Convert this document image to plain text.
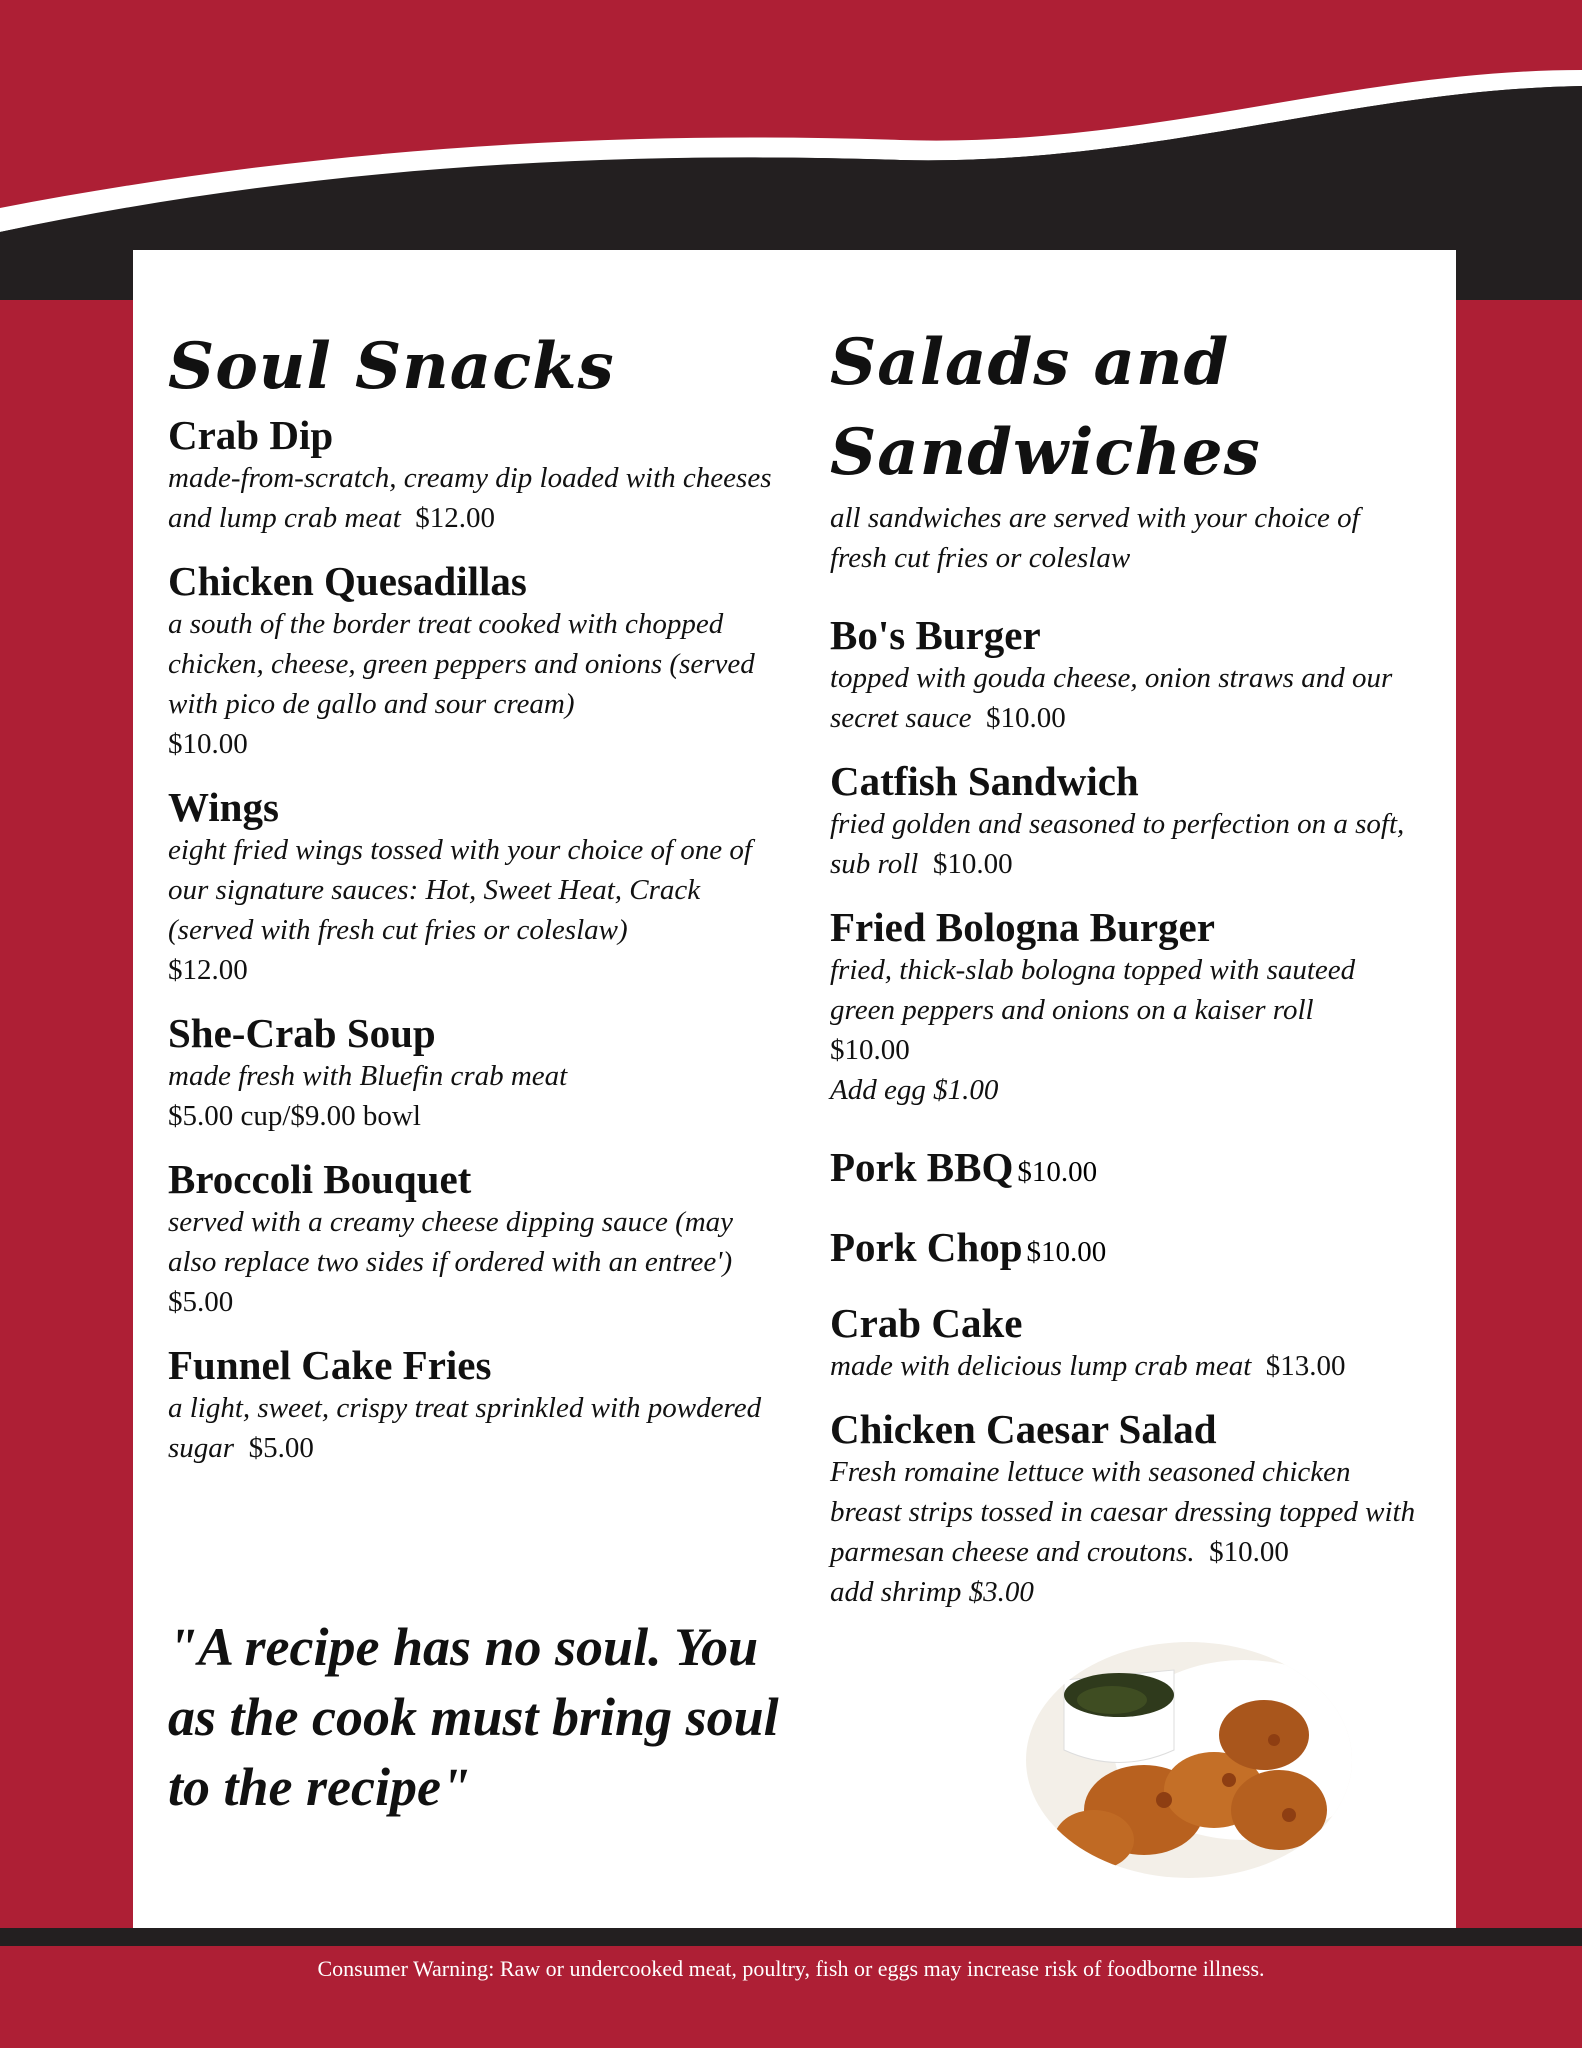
Soul Snacks
Crab Dip
made-from-scratch, creamy dip loaded with cheeses and lump crab meat $12.00
Chicken Quesadillas
a south of the border treat cooked with chopped chicken, cheese, green peppers and onions (served with pico de gallo and sour cream)
$10.00
Wings
eight fried wings tossed with your choice of one of our signature sauces: Hot, Sweet Heat, Crack (served with fresh cut fries or coleslaw)
$12.00
She-Crab Soup
made fresh with Bluefin crab meat
$5.00 cup/$9.00 bowl
Broccoli Bouquet
served with a creamy cheese dipping sauce (may also replace two sides if ordered with an entree')  $5.00
Funnel Cake Fries
a light, sweet, crispy treat sprinkled with powdered sugar $5.00
"A recipe has no soul. You as the cook must bring soul to the recipe"
Salads and
Sandwiches
all sandwiches are served with your choice of fresh cut fries or coleslaw
Bo's Burger
topped with gouda cheese, onion straws and our secret sauce $10.00
Catfish Sandwich
fried golden and seasoned to perfection on a soft, sub roll $10.00
Fried Bologna Burger
fried, thick-slab bologna topped with sauteed green peppers and onions on a kaiser roll
$10.00
Add egg $1.00
Pork BBQ $10.00
Pork Chop $10.00
Crab Cake
made with delicious lump crab meat $13.00
Chicken Caesar Salad
Fresh romaine lettuce with seasoned chicken breast strips tossed in caesar dressing topped with parmesan cheese and croutons. $10.00
add shrimp $3.00
Consumer Warning: Raw or undercooked meat, poultry, fish or eggs may increase risk of foodborne illness.
